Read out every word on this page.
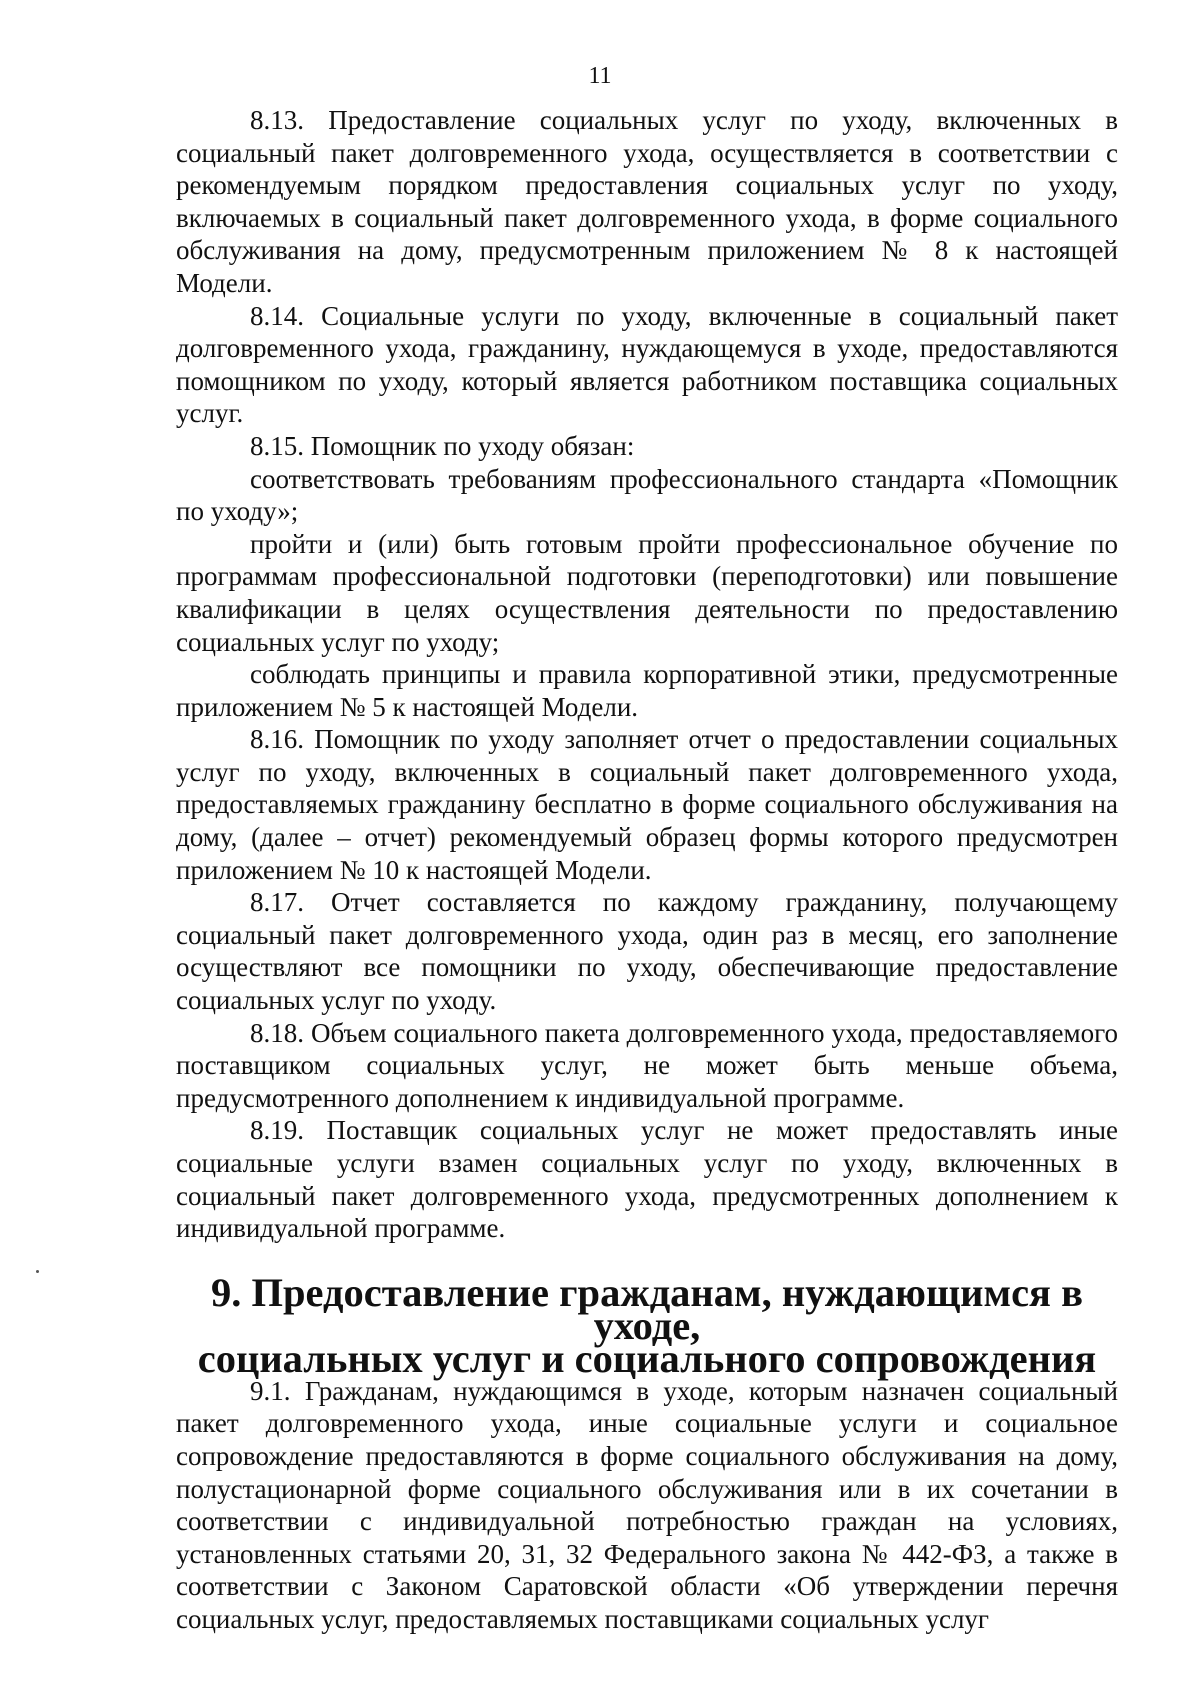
11

8.13. Предоставление социальных услуг по уходу, включенных в социальный пакет долговременного ухода, осуществляется в соответствии с рекомендуемым порядком предоставления социальных услуг по уходу, включаемых в социальный пакет долговременного ухода, в форме социального обслуживания на дому, предусмотренным приложением № 8 к настоящей Модели.

8.14. Социальные услуги по уходу, включенные в социальный пакет долговременного ухода, гражданину, нуждающемуся в уходе, предоставляются помощником по уходу, который является работником поставщика социальных услуг.

8.15. Помощник по уходу обязан:

соответствовать требованиям профессионального стандарта «Помощник по уходу»;

пройти и (или) быть готовым пройти профессиональное обучение по программам профессиональной подготовки (переподготовки) или повышение квалификации в целях осуществления деятельности по предоставлению социальных услуг по уходу;

соблюдать принципы и правила корпоративной этики, предусмотренные приложением № 5 к настоящей Модели.

8.16. Помощник по уходу заполняет отчет о предоставлении социальных услуг по уходу, включенных в социальный пакет долговременного ухода, предоставляемых гражданину бесплатно в форме социального обслуживания на дому, (далее – отчет) рекомендуемый образец формы которого предусмотрен приложением № 10 к настоящей Модели.

8.17. Отчет составляется по каждому гражданину, получающему социальный пакет долговременного ухода, один раз в месяц, его заполнение осуществляют все помощники по уходу, обеспечивающие предоставление социальных услуг по уходу.

8.18. Объем социального пакета долговременного ухода, предоставляемого поставщиком социальных услуг, не может быть меньше объема, предусмотренного дополнением к индивидуальной программе.

8.19. Поставщик социальных услуг не может предоставлять иные социальные услуги взамен социальных услуг по уходу, включенных в социальный пакет долговременного ухода, предусмотренных дополнением к индивидуальной программе.

9. Предоставление гражданам, нуждающимся в уходе,
социальных услуг и социального сопровождения

9.1. Гражданам, нуждающимся в уходе, которым назначен социальный пакет долговременного ухода, иные социальные услуги и социальное сопровождение предоставляются в форме социального обслуживания на дому, полустационарной форме социального обслуживания или в их сочетании в соответствии с индивидуальной потребностью граждан на условиях, установленных статьями 20, 31, 32 Федерального закона № 442-ФЗ, а также в соответствии с Законом Саратовской области «Об утверждении перечня социальных услуг, предоставляемых поставщиками социальных услуг
